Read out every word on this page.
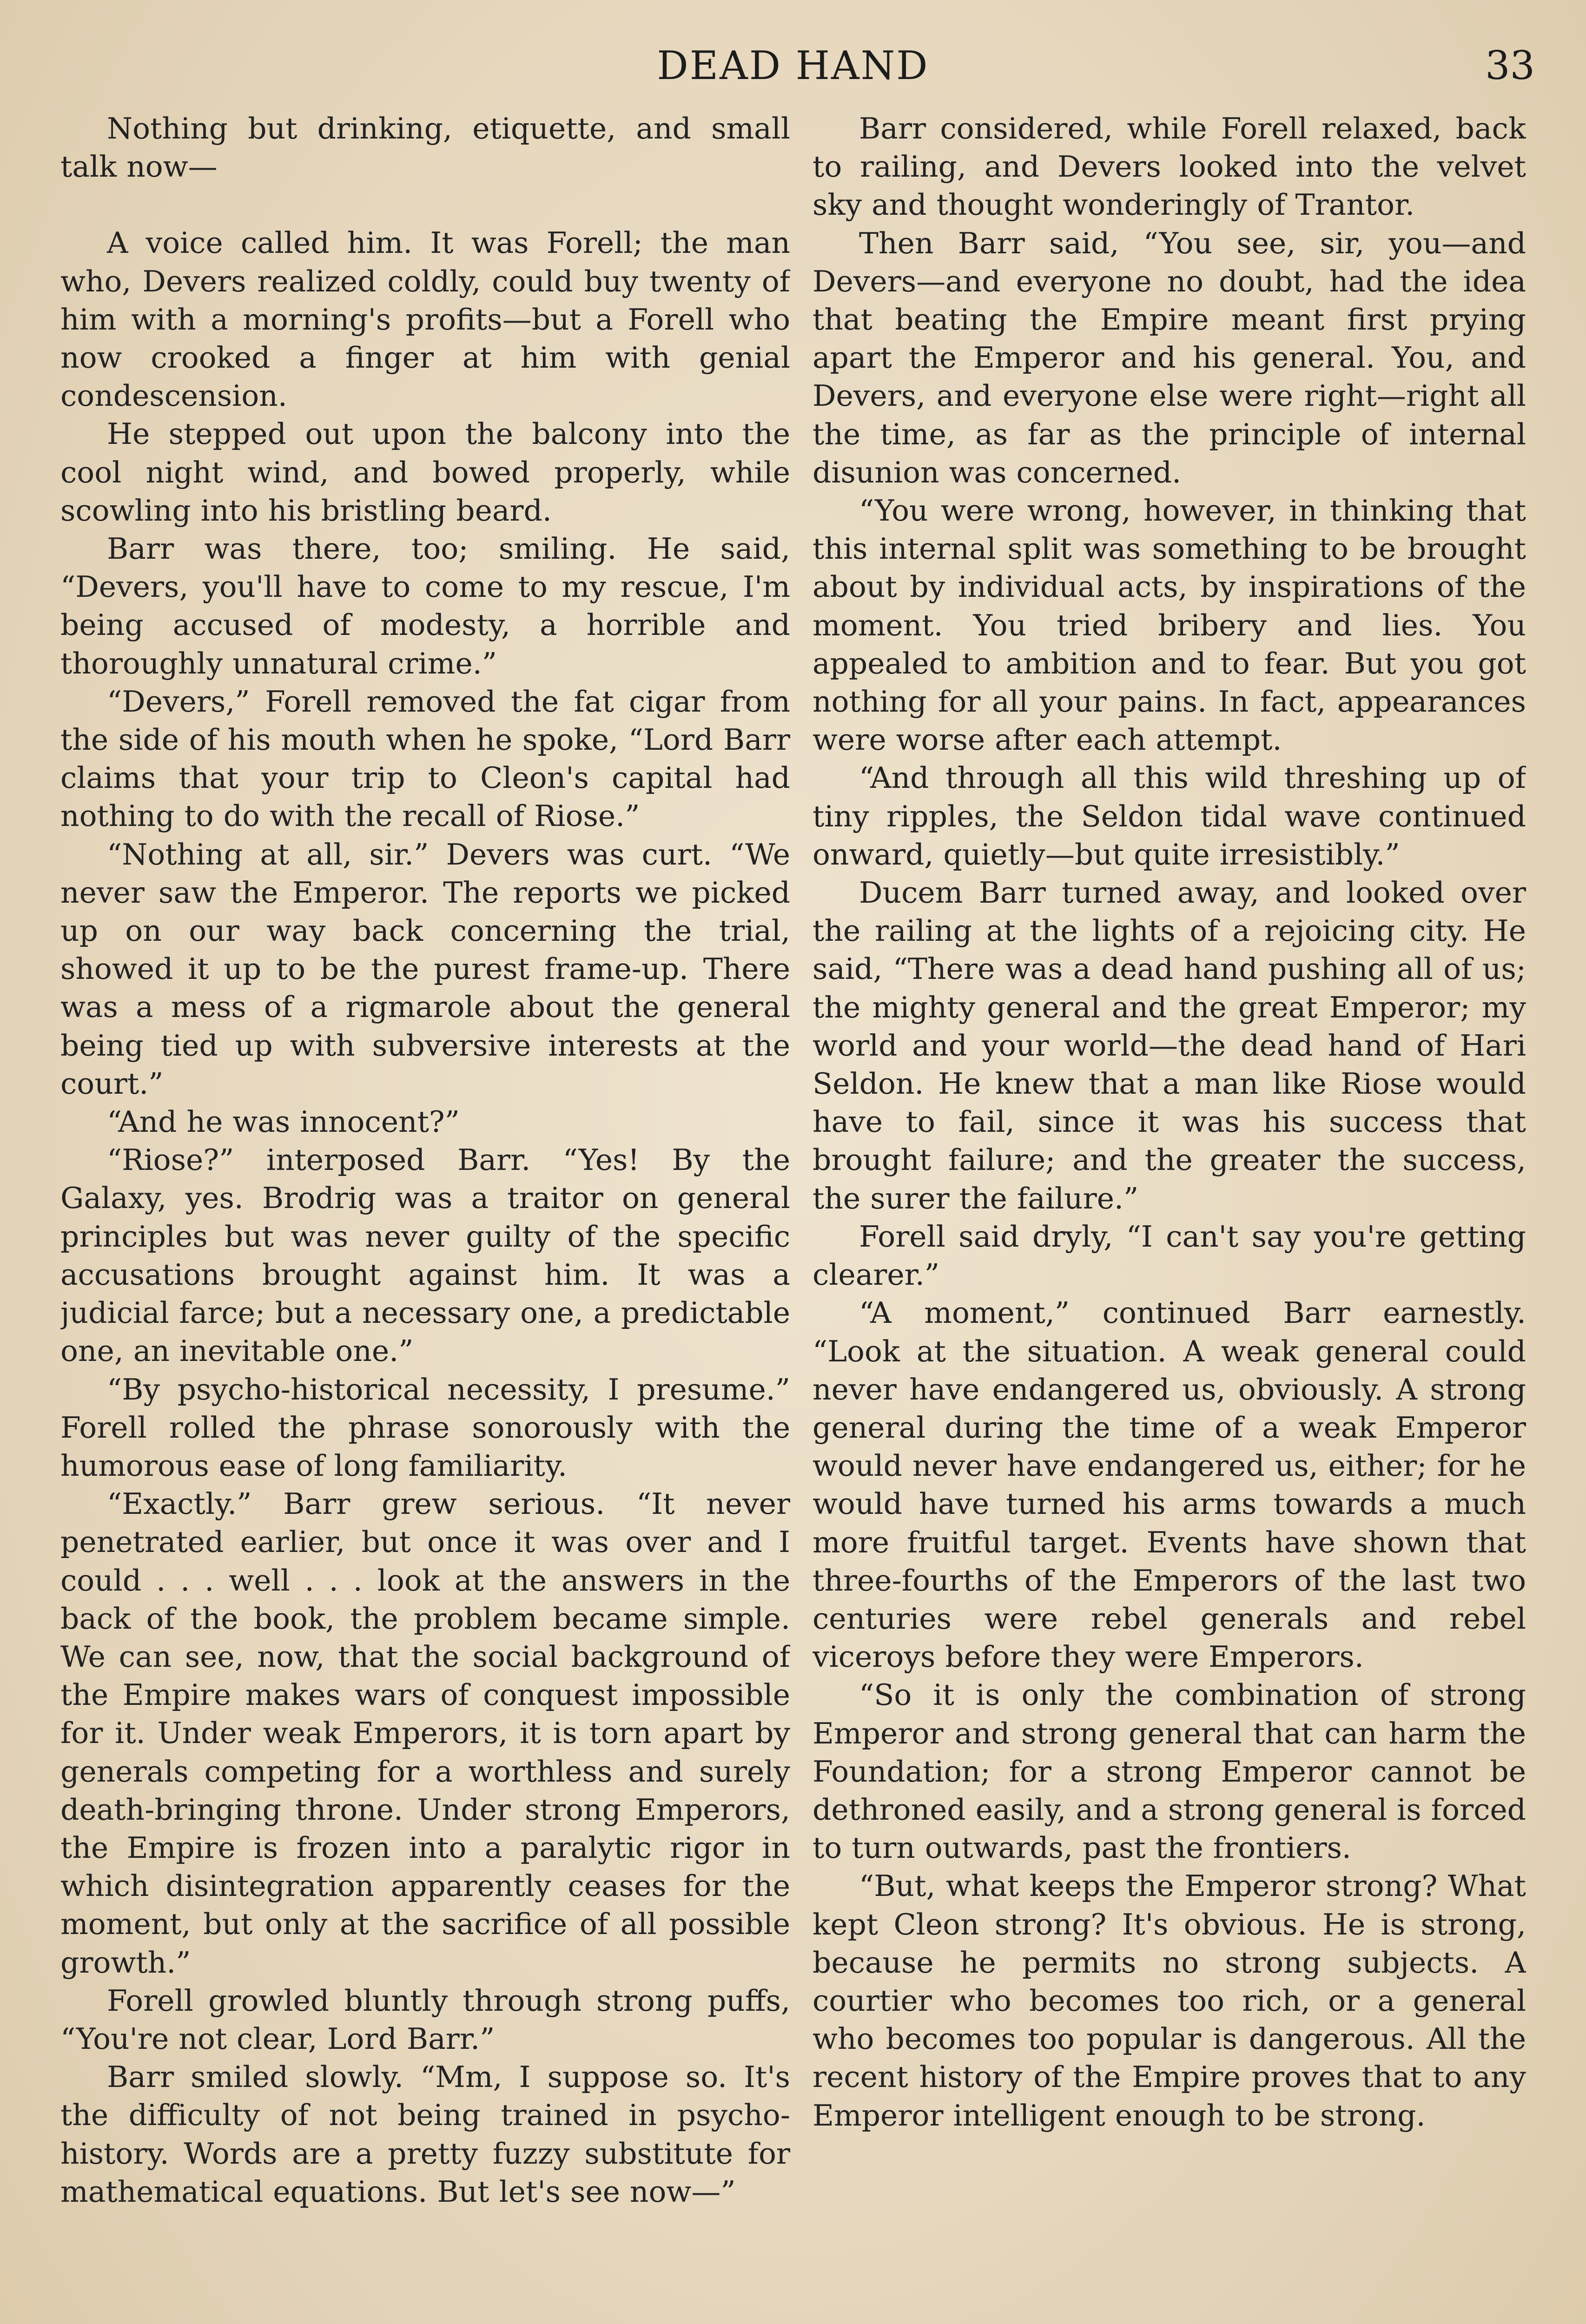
DEAD HAND	33

Nothing but drinking, etiquette, and small talk now—

A voice called him. It was Forell; the man who, Devers realized coldly, could buy twenty of him with a morning's profits—but a Forell who now crooked a finger at him with genial condescension.

He stepped out upon the balcony into the cool night wind, and bowed properly, while scowling into his bristling beard.

Barr was there, too; smiling. He said, “Devers, you'll have to come to my rescue, I'm being accused of modesty, a horrible and thoroughly unnatural crime.”

“Devers,” Forell removed the fat cigar from the side of his mouth when he spoke, “Lord Barr claims that your trip to Cleon's capital had nothing to do with the recall of Riose.”

“Nothing at all, sir.” Devers was curt. “We never saw the Emperor. The reports we picked up on our way back concerning the trial, showed it up to be the purest frame-up. There was a mess of a rigmarole about the general being tied up with subversive interests at the court.”

“And he was innocent?”

“Riose?” interposed Barr. “Yes! By the Galaxy, yes. Brodrig was a traitor on general principles but was never guilty of the specific accusations brought against him. It was a judicial farce; but a necessary one, a predictable one, an inevitable one.”

“By psycho-historical necessity, I presume.” Forell rolled the phrase sonorously with the humorous ease of long familiarity.

“Exactly.” Barr grew serious. “It never penetrated earlier, but once it was over and I could . . . well . . . look at the answers in the back of the book, the problem became simple. We can see, now, that the social background of the Empire makes wars of conquest impossible for it. Under weak Emperors, it is torn apart by generals competing for a worthless and surely death-bringing throne. Under strong Emperors, the Empire is frozen into a paralytic rigor in which disintegration apparently ceases for the moment, but only at the sacrifice of all possible growth.”

Forell growled bluntly through strong puffs, “You're not clear, Lord Barr.”

Barr smiled slowly. “Mm, I suppose so. It's the difficulty of not being trained in psycho-history. Words are a pretty fuzzy substitute for mathematical equations. But let's see now—”

Barr considered, while Forell relaxed, back to railing, and Devers looked into the velvet sky and thought wonderingly of Trantor.

Then Barr said, “You see, sir, you—and Devers—and everyone no doubt, had the idea that beating the Empire meant first prying apart the Emperor and his general. You, and Devers, and everyone else were right—right all the time, as far as the principle of internal disunion was concerned.

“You were wrong, however, in thinking that this internal split was something to be brought about by individual acts, by inspirations of the moment. You tried bribery and lies. You appealed to ambition and to fear. But you got nothing for all your pains. In fact, appearances were worse after each attempt.

“And through all this wild threshing up of tiny ripples, the Seldon tidal wave continued onward, quietly—but quite irresistibly.”

Ducem Barr turned away, and looked over the railing at the lights of a rejoicing city. He said, “There was a dead hand pushing all of us; the mighty general and the great Emperor; my world and your world—the dead hand of Hari Seldon. He knew that a man like Riose would have to fail, since it was his success that brought failure; and the greater the success, the surer the failure.”

Forell said dryly, “I can't say you're getting clearer.”

“A moment,” continued Barr earnestly. “Look at the situation. A weak general could never have endangered us, obviously. A strong general during the time of a weak Emperor would never have endangered us, either; for he would have turned his arms towards a much more fruitful target. Events have shown that three-fourths of the Emperors of the last two centuries were rebel generals and rebel viceroys before they were Emperors.

“So it is only the combination of strong Emperor and strong general that can harm the Foundation; for a strong Emperor cannot be dethroned easily, and a strong general is forced to turn outwards, past the frontiers.

“But, what keeps the Emperor strong? What kept Cleon strong? It's obvious. He is strong, because he permits no strong subjects. A courtier who becomes too rich, or a general who becomes too popular is dangerous. All the recent history of the Empire proves that to any Emperor intelligent enough to be strong.
